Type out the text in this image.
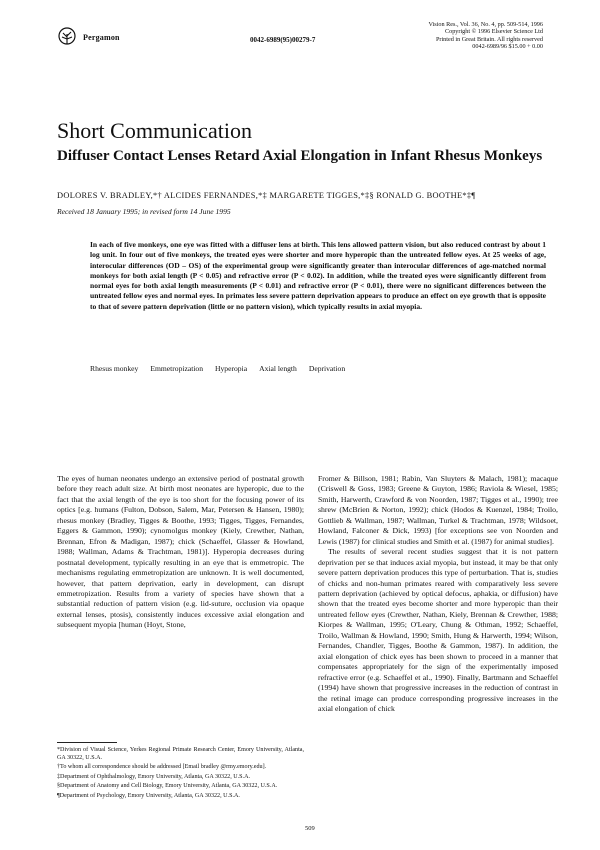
Pergamon	0042-6989(95)00279-7
Vision Res., Vol. 36, No. 4, pp. 509-514, 1996
Copyright © 1996 Elsevier Science Ltd
Printed in Great Britain. All rights reserved
0042-6989/96 $15.00 + 0.00
Short Communication
Diffuser Contact Lenses Retard Axial Elongation in Infant Rhesus Monkeys
DOLORES V. BRADLEY,*† ALCIDES FERNANDES,*‡ MARGARETE TIGGES,*‡§ RONALD G. BOOTHE*‡¶
Received 18 January 1995; in revised form 14 June 1995
In each of five monkeys, one eye was fitted with a diffuser lens at birth. This lens allowed pattern vision, but also reduced contrast by about 1 log unit. In four out of five monkeys, the treated eyes were shorter and more hyperopic than the untreated fellow eyes. At 25 weeks of age, interocular differences (OD – OS) of the experimental group were significantly greater than interocular differences of age-matched normal monkeys for both axial length (P < 0.05) and refractive error (P < 0.02). In addition, while the treated eyes were significantly different from normal eyes for both axial length measurements (P < 0.01) and refractive error (P < 0.01), there were no significant differences between the untreated fellow eyes and normal eyes. In primates less severe pattern deprivation appears to produce an effect on eye growth that is opposite to that of severe pattern deprivation (little or no pattern vision), which typically results in axial myopia.
Rhesus monkey Emmetropization Hyperopia Axial length Deprivation

The eyes of human neonates undergo an extensive period of postnatal growth before they reach adult size. At birth most neonates are hyperopic, due to the fact that the axial length of the eye is too short for the focusing power of its optics [e.g. humans (Fulton, Dobson, Salem, Mar, Petersen & Hansen, 1980); rhesus monkey (Bradley, Tigges & Boothe, 1993; Tigges, Tigges, Fernandes, Eggers & Gammon, 1990); cynomolgus monkey (Kiely, Crewther, Nathan, Brennan, Efron & Madigan, 1987); chick (Schaeffel, Glasser & Howland, 1988; Wallman, Adams & Trachtman, 1981)]. Hyperopia decreases during postnatal development, typically resulting in an eye that is emmetropic. The mechanisms regulating emmetropization are unknown. It is well documented, however, that pattern deprivation, early in development, can disrupt emmetropization. Results from a variety of species have shown that a substantial reduction of pattern vision (e.g. lid-suture, occlusion via opaque external lenses, ptosis), consistently induces excessive axial elongation and subsequent myopia [human (Hoyt, Stone,

Fromer & Billson, 1981; Rabin, Van Sluyters & Malach, 1981); macaque (Criswell & Goss, 1983; Greene & Guyton, 1986; Raviola & Wiesel, 1985; Smith, Harwerth, Crawford & von Noorden, 1987; Tigges et al., 1990); tree shrew (McBrien & Norton, 1992); chick (Hodos & Kuenzel, 1984; Troilo, Gottlieb & Wallman, 1987; Wallman, Turkel & Trachtman, 1978; Wildsoet, Howland, Falconer & Dick, 1993) [for exceptions see von Noorden and Lewis (1987) for clinical studies and Smith et al. (1987) for animal studies].

The results of several recent studies suggest that it is not pattern deprivation per se that induces axial myopia, but instead, it may be that only severe pattern deprivation produces this type of perturbation. That is, studies of chicks and non-human primates reared with comparatively less severe pattern deprivation (achieved by optical defocus, aphakia, or diffusion) have shown that the treated eyes become shorter and more hyperopic than their untreated fellow eyes (Crewther, Nathan, Kiely, Brennan & Crewther, 1988; Kiorpes & Wallman, 1995; O'Leary, Chung & Othman, 1992; Schaeffel, Troilo, Wallman & Howland, 1990; Smith, Hung & Harwerth, 1994; Wilson, Fernandes, Chandler, Tigges, Boothe & Gammon, 1987). In addition, the axial elongation of chick eyes has been shown to proceed in a manner that compensates appropriately for the sign of the experimentally imposed refractive error (e.g. Schaeffel et al., 1990). Finally, Bartmann and Schaeffel (1994) have shown that progressive increases in the reduction of contrast in the retinal image can produce corresponding progressive increases in the axial elongation of chick

*Division of Visual Science, Yerkes Regional Primate Research Center, Emory University, Atlanta, GA 30322, U.S.A.
†To whom all correspondence should be addressed [Email bradley @rmy.emory.edu].
‡Department of Ophthalmology, Emory University, Atlanta, GA 30322, U.S.A.
§Department of Anatomy and Cell Biology, Emory University, Atlanta, GA 30322, U.S.A.
¶Department of Psychology, Emory University, Atlanta, GA 30322, U.S.A.
509
